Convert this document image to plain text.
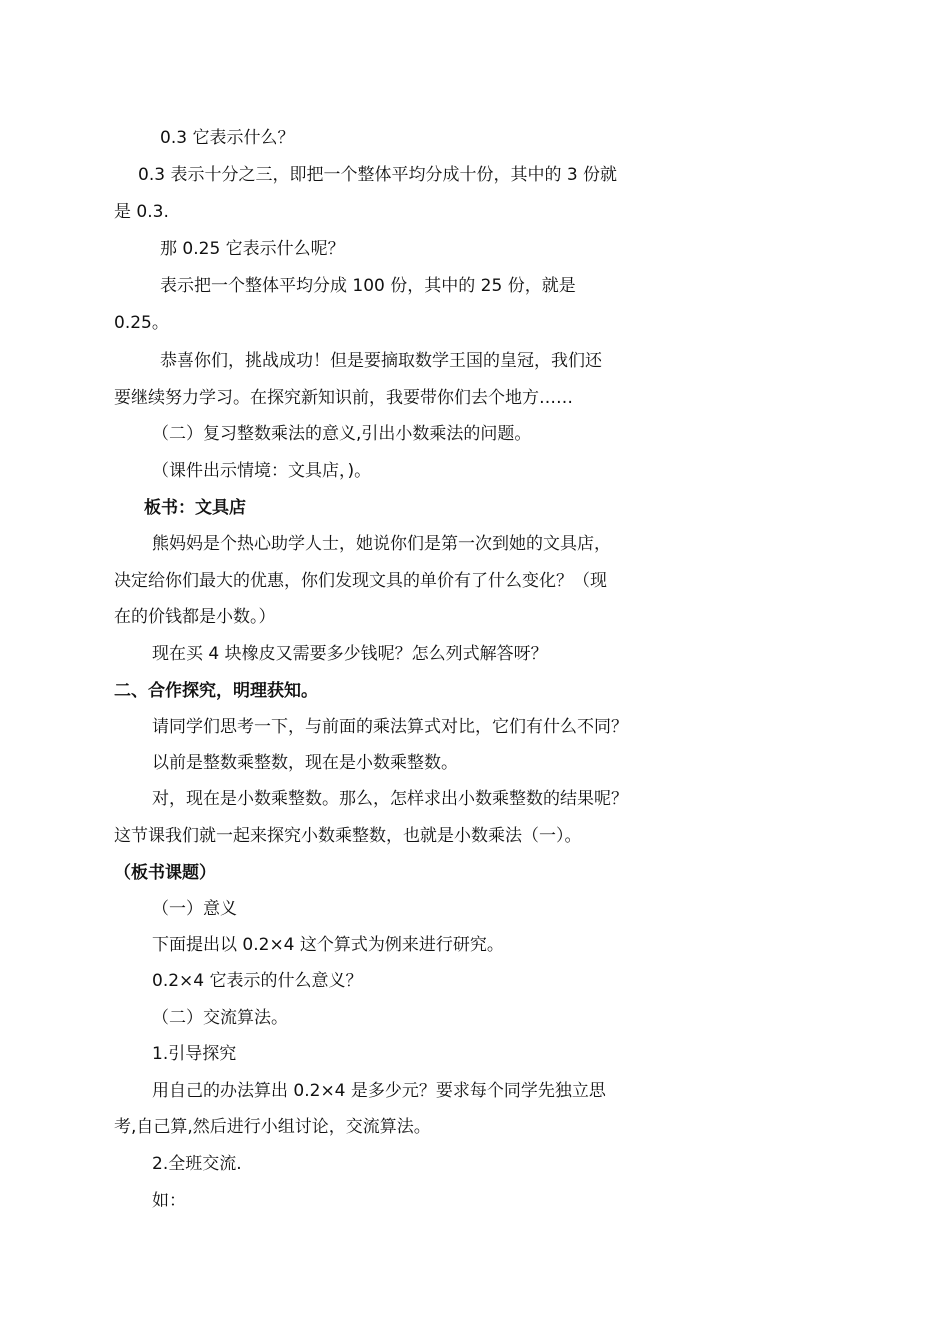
0.3 它表示什么？

0.3 表示十分之三，即把一个整体平均分成十份，其中的 3 份就

是 0.3.

那 0.25 它表示什么呢？

表示把一个整体平均分成 100 份，其中的 25 份，就是

0.25。

恭喜你们，挑战成功！但是要摘取数学王国的皇冠，我们还

要继续努力学习。在探究新知识前，我要带你们去个地方……

（二）复习整数乘法的意义,引出小数乘法的问题。

（课件出示情境：文具店，)。

板书：文具店

熊妈妈是个热心助学人士，她说你们是第一次到她的文具店，

决定给你们最大的优惠，你们发现文具的单价有了什么变化？（现

在的价钱都是小数。）

现在买 4 块橡皮又需要多少钱呢？怎么列式解答呀？

二、合作探究，明理获知。

请同学们思考一下，与前面的乘法算式对比，它们有什么不同？

以前是整数乘整数，现在是小数乘整数。

对，现在是小数乘整数。那么，怎样求出小数乘整数的结果呢？

这节课我们就一起来探究小数乘整数，也就是小数乘法（一）。

（板书课题）

（一）意义

下面提出以 0.2×4 这个算式为例来进行研究。

0.2×4 它表示的什么意义？

（二）交流算法。

1.引导探究

用自己的办法算出 0.2×4 是多少元？要求每个同学先独立思

考,自己算,然后进行小组讨论，交流算法。

2.全班交流.

如：
